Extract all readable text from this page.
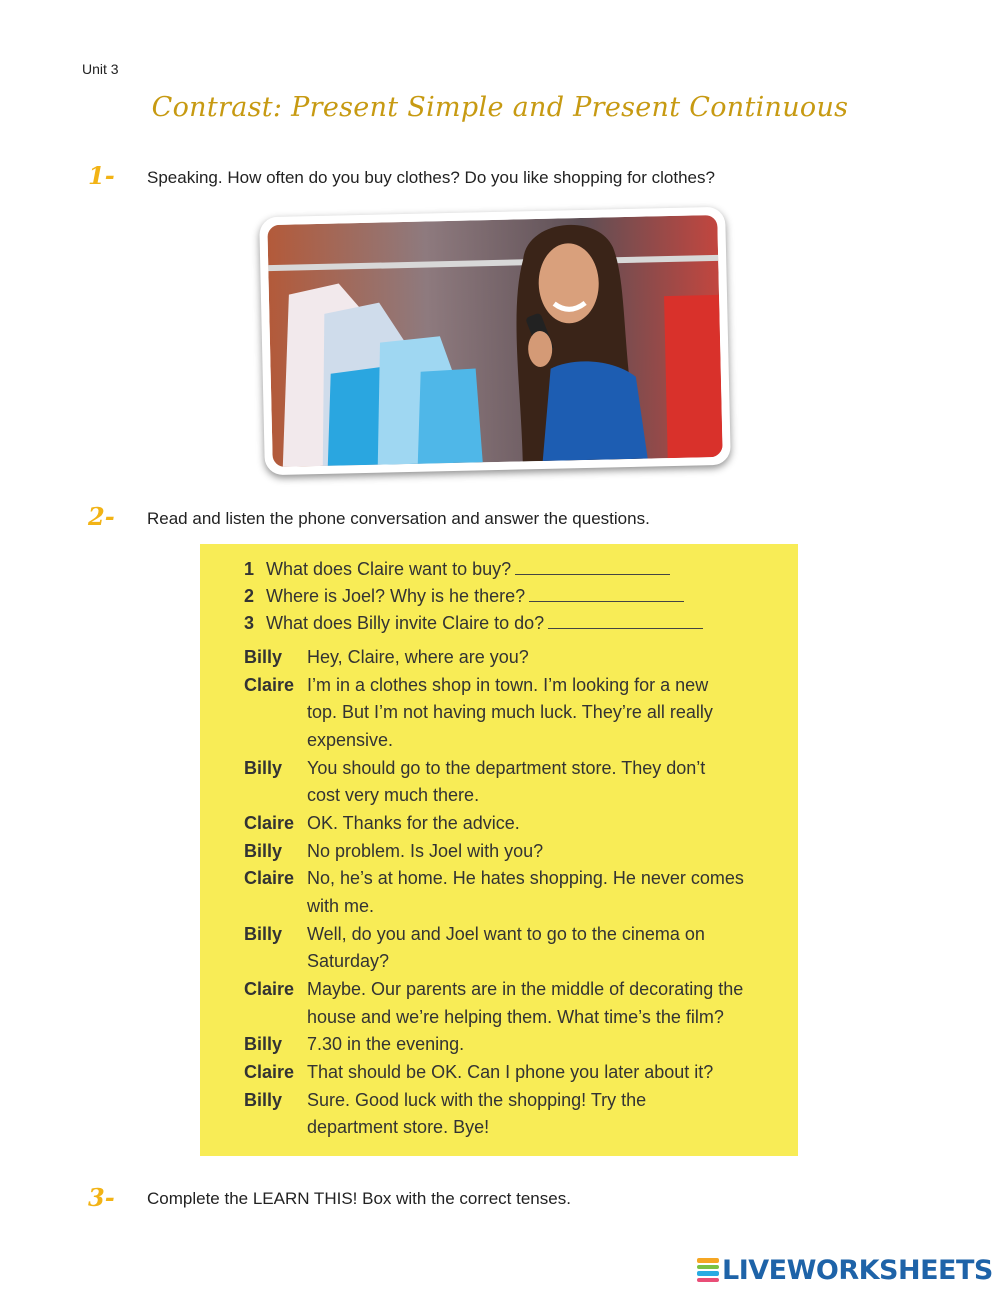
Unit 3
Contrast: Present Simple and Present Continuous
1- Speaking. How often do you buy clothes? Do you like shopping for clothes?
2- Read and listen the phone conversation and answer the questions.
1 What does Claire want to buy?
2 Where is Joel? Why is he there?
3 What does Billy invite Claire to do?
Billy Hey, Claire, where are you?
Claire I’m in a clothes shop in town. I’m looking for a new
top. But I’m not having much luck. They’re all really
expensive.
Billy You should go to the department store. They don’t
cost very much there.
Claire OK. Thanks for the advice.
Billy No problem. Is Joel with you?
Claire No, he’s at home. He hates shopping. He never comes
with me.
Billy Well, do you and Joel want to go to the cinema on
Saturday?
Claire Maybe. Our parents are in the middle of decorating the
house and we’re helping them. What time’s the film?
Billy 7.30 in the evening.
Claire That should be OK. Can I phone you later about it?
Billy Sure. Good luck with the shopping! Try the
department store. Bye!
3- Complete the LEARN THIS! Box with the correct tenses.
LIVEWORKSHEETS
